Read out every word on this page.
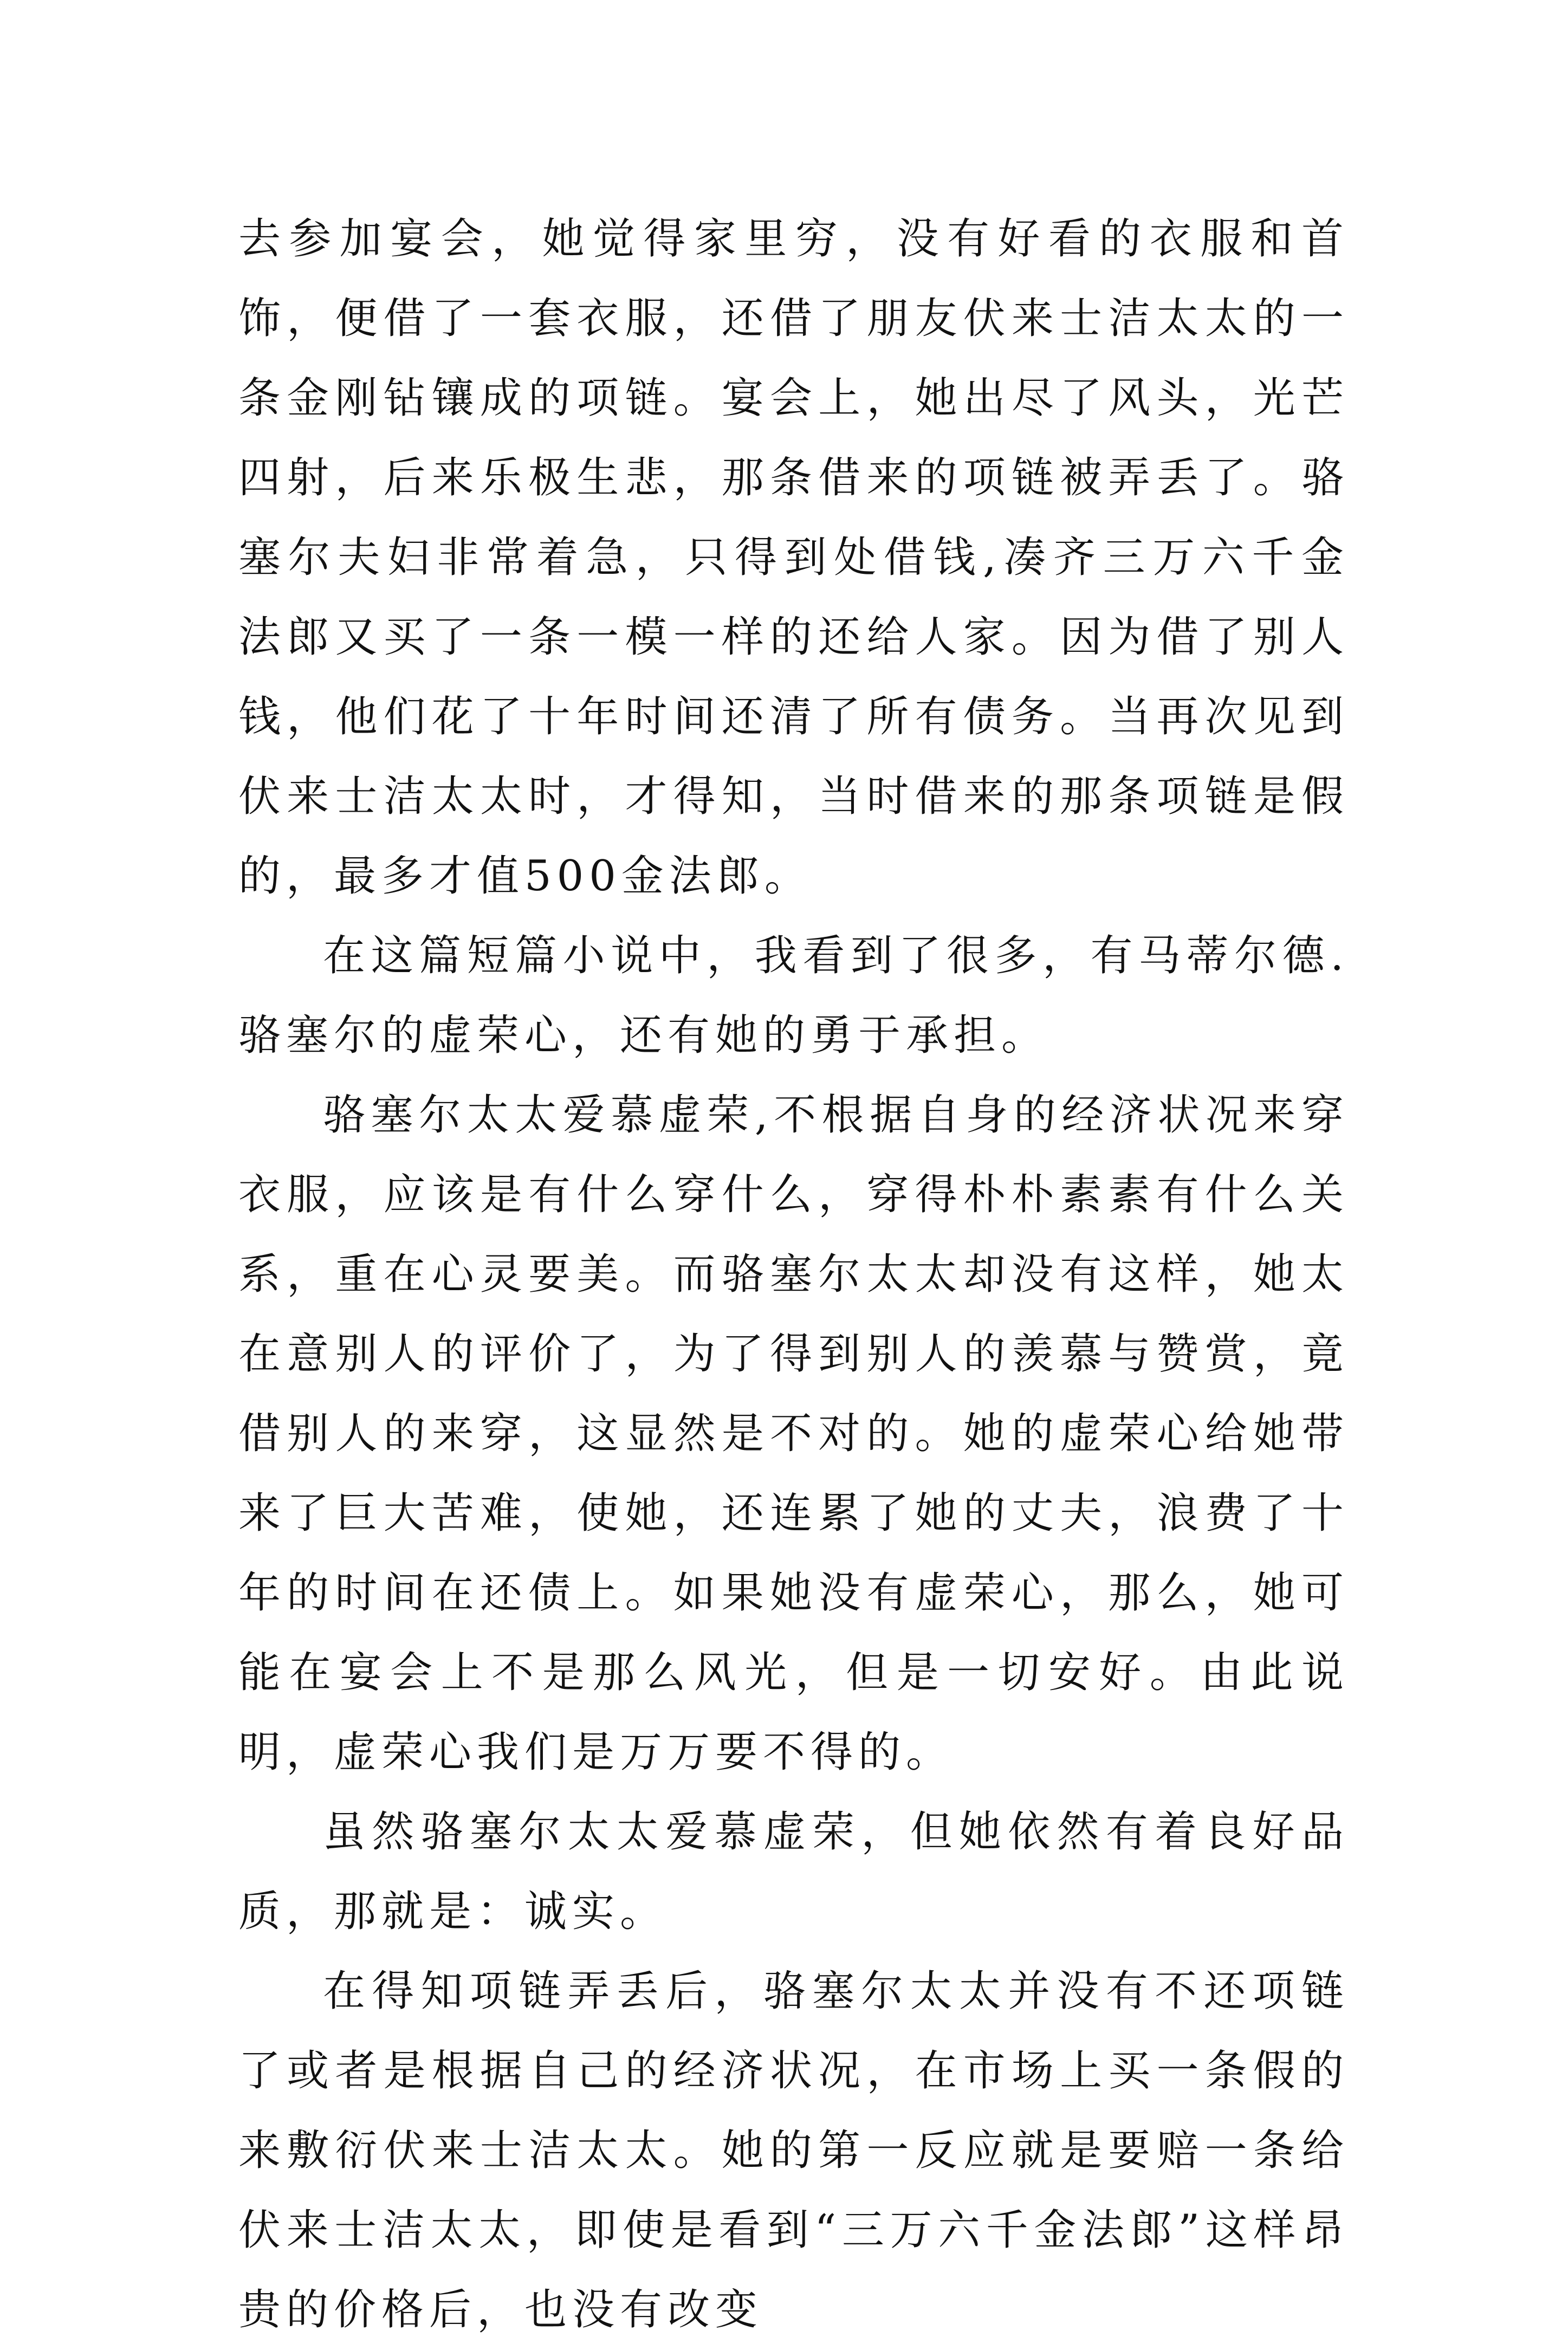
去参加宴会，她觉得家里穷，没有好看的衣服和首饰，便借了一套衣服，还借了朋友伏来士洁太太的一条金刚钻镶成的项链。宴会上，她出尽了风头，光芒四射，后来乐极生悲，那条借来的项链被弄丢了。骆塞尔夫妇非常着急，只得到处借钱,凑齐三万六千金法郎又买了一条一模一样的还给人家。因为借了别人钱，他们花了十年时间还清了所有债务。当再次见到伏来士洁太太时，才得知，当时借来的那条项链是假的，最多才值500金法郎。

在这篇短篇小说中，我看到了很多，有马蒂尔德.骆塞尔的虚荣心，还有她的勇于承担。

骆塞尔太太爱慕虚荣,不根据自身的经济状况来穿衣服，应该是有什么穿什么，穿得朴朴素素有什么关系，重在心灵要美。而骆塞尔太太却没有这样，她太在意别人的评价了，为了得到别人的羡慕与赞赏，竟借别人的来穿，这显然是不对的。她的虚荣心给她带来了巨大苦难，使她，还连累了她的丈夫，浪费了十年的时间在还债上。如果她没有虚荣心，那么，她可能在宴会上不是那么风光，但是一切安好。由此说明，虚荣心我们是万万要不得的。

虽然骆塞尔太太爱慕虚荣，但她依然有着良好品质，那就是：诚实。

在得知项链弄丢后，骆塞尔太太并没有不还项链了或者是根据自己的经济状况，在市场上买一条假的来敷衍伏来士洁太太。她的第一反应就是要赔一条给伏来士洁太太，即使是看到“三万六千金法郎”这样昂贵的价格后，也没有改变
